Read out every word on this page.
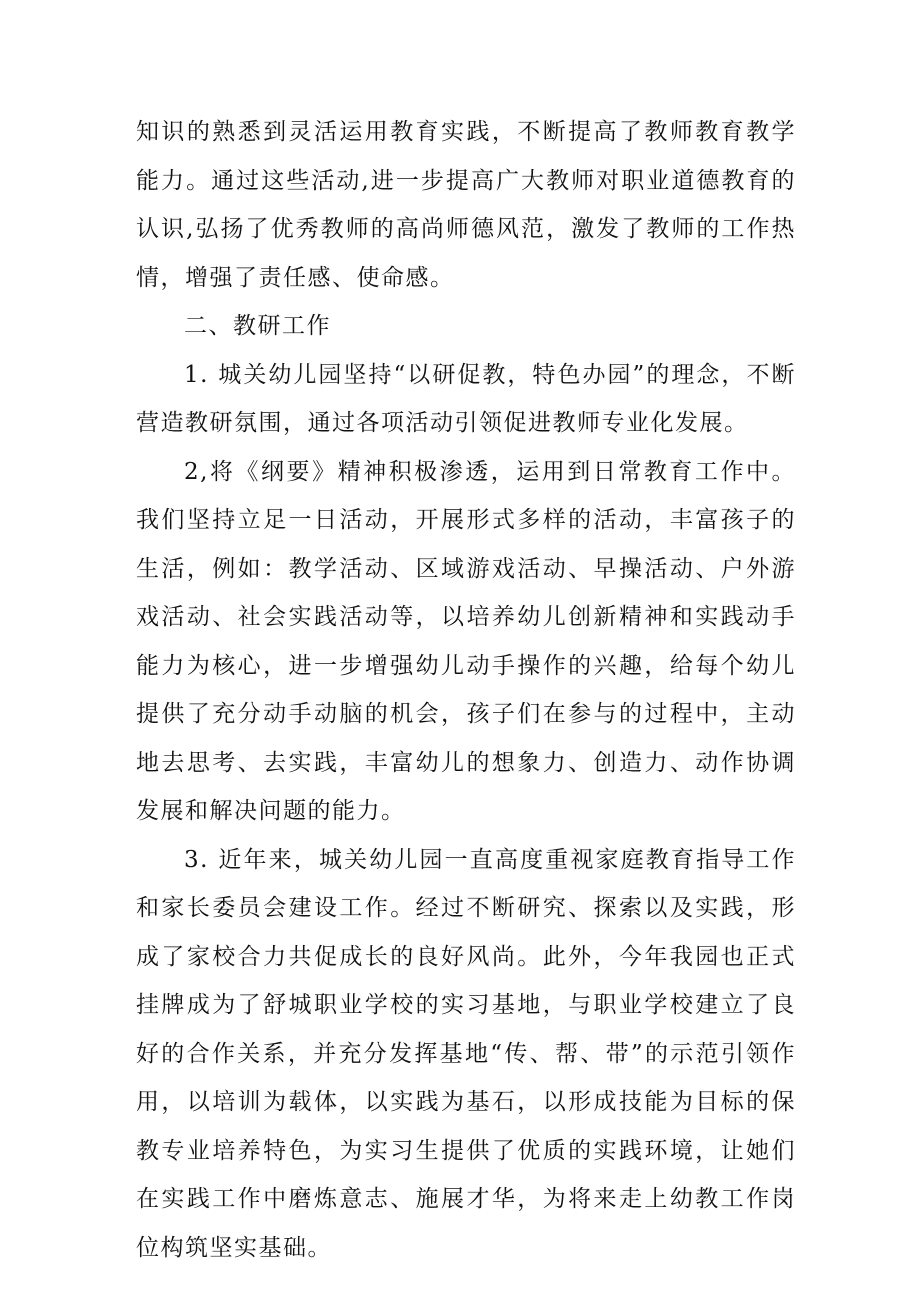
知识的熟悉到灵活运用教育实践，不断提高了教师教育教学能力。通过这些活动,进一步提高广大教师对职业道德教育的认识,弘扬了优秀教师的高尚师德风范，激发了教师的工作热情，增强了责任感、使命感。

二、教研工作

1. 城关幼儿园坚持“以研促教，特色办园”的理念，不断营造教研氛围，通过各项活动引领促进教师专业化发展。

2,将《纲要》精神积极渗透，运用到日常教育工作中。我们坚持立足一日活动，开展形式多样的活动，丰富孩子的生活，例如：教学活动、区域游戏活动、早操活动、户外游戏活动、社会实践活动等，以培养幼儿创新精神和实践动手能力为核心，进一步增强幼儿动手操作的兴趣，给每个幼儿提供了充分动手动脑的机会，孩子们在参与的过程中，主动地去思考、去实践，丰富幼儿的想象力、创造力、动作协调发展和解决问题的能力。

3. 近年来，城关幼儿园一直高度重视家庭教育指导工作和家长委员会建设工作。经过不断研究、探索以及实践，形成了家校合力共促成长的良好风尚。此外，今年我园也正式挂牌成为了舒城职业学校的实习基地，与职业学校建立了良好的合作关系，并充分发挥基地“传、帮、带”的示范引领作用，以培训为载体，以实践为基石，以形成技能为目标的保教专业培养特色，为实习生提供了优质的实践环境，让她们在实践工作中磨炼意志、施展才华，为将来走上幼教工作岗位构筑坚实基础。
